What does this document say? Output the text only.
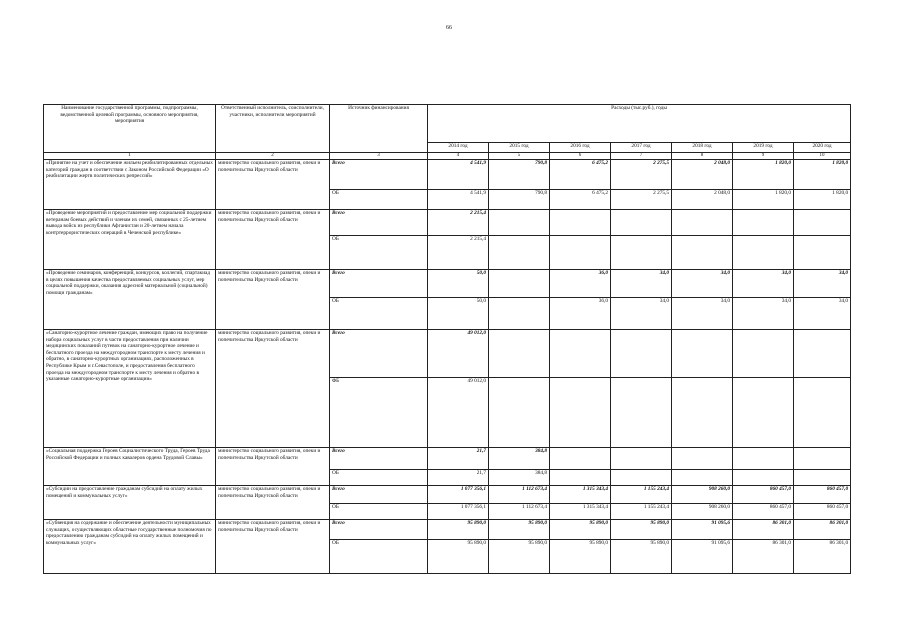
66
Наименование государственной программы, подпрограммы, ведомственной целевой программы, основного мероприятия, мероприятия	Ответственный исполнитель, соисполнители, участники, исполнители мероприятий	Источник финансирования	Расходы (тыс.руб.), годы						
			2014 год	2015 год	2016 год	2017 год	2018 год	2019 год	2020 год
1	2	3	4	5	6	7	8	9	10
«Принятие на учет и обеспечение жильем реабилитированных отдельных категорий граждан в соответствии с Законом Российской Федерации «О реабилитации жертв политических репрессий»	министерство социального развития, опеки и попечительства Иркутской области	Всего	4 541,9	790,8	6 475,2	2 275,5	2 048,0	1 820,0	1 820,0
		ОБ	4 541,9	790,8	6 475,2	2 275,5	2 048,0	1 820,0	1 820,0
«Проведение мероприятий и предоставление мер социальной поддержки ветеранам боевых действий и членам их семей, связанных с 25-летием вывода войск из республики Афганистан и 20-летием начала контртеррористических операций в Чеченской республике»	министерство социального развития, опеки и попечительства Иркутской области	Всего	2 215,4						
		ОБ	2 215,4						
«Проведение семинаров, конференций, конкурсов, коллегий, спартакиад в целях повышения качества предоставляемых социальных услуг, мер социальной поддержки, оказания адресной материальной (социальной) помощи гражданам»	министерство социального развития, опеки и попечительства Иркутской области	Всего	50,0		36,0	34,0	34,0	34,0	34,0
		ОБ	50,0		36,0	34,0	34,0	34,0	34,0
«Санаторно-курортное лечение граждан, имеющих право на получение набора социальных услуг в части предоставления при наличии медицинских показаний путевок на санаторно-курортное лечение и бесплатного проезда на междугородном транспорте к месту лечения и обратно, в санаторно-курортных организациях, расположенных в Республике Крым и г.Севастополе, и предоставления бесплатного проезда на междугородном транспорте к месту лечения и обратно в указанные санаторно-курортные организации»	министерство социального развития, опеки и попечительства Иркутской области	Всего	49 012,0						
		ФБ	49 012,0						
«Социальная поддержка Героев Социалистического Труда, Героев Труда Российской Федерации и полных кавалеров ордена Трудовой Славы»	министерство социального развития, опеки и попечительства Иркутской области	Всего	21,7	384,8					
		ОБ	21,7	384,8					
«Субсидии на предоставление гражданам субсидий на оплату жилых помещений и коммунальных услуг»	министерство социального развития, опеки и попечительства Иркутской области	Всего	1 077 356,1	1 112 673,4	1 315 343,4	1 155 243,4	908 260,0	860 457,0	860 457,0
		ОБ	1 077 356,1	1 112 673,4	1 315 343,4	1 155 243,4	908 260,0	860 457,0	860 457,0
«Субвенция на содержание и обеспечение деятельности муниципальных служащих, осуществляющих областные государственные полномочия по предоставлению гражданам субсидий на оплату жилых помещений и коммунальных услуг»	министерство социального развития, опеки и попечительства Иркутской области	Всего	95 890,0	95 890,0	95 890,0	95 890,0	91 095,6	86 301,0	86 301,0
		ОБ	95 890,0	95 890,0	95 890,0	95 890,0	91 095,6	86 301,0	86 301,0
